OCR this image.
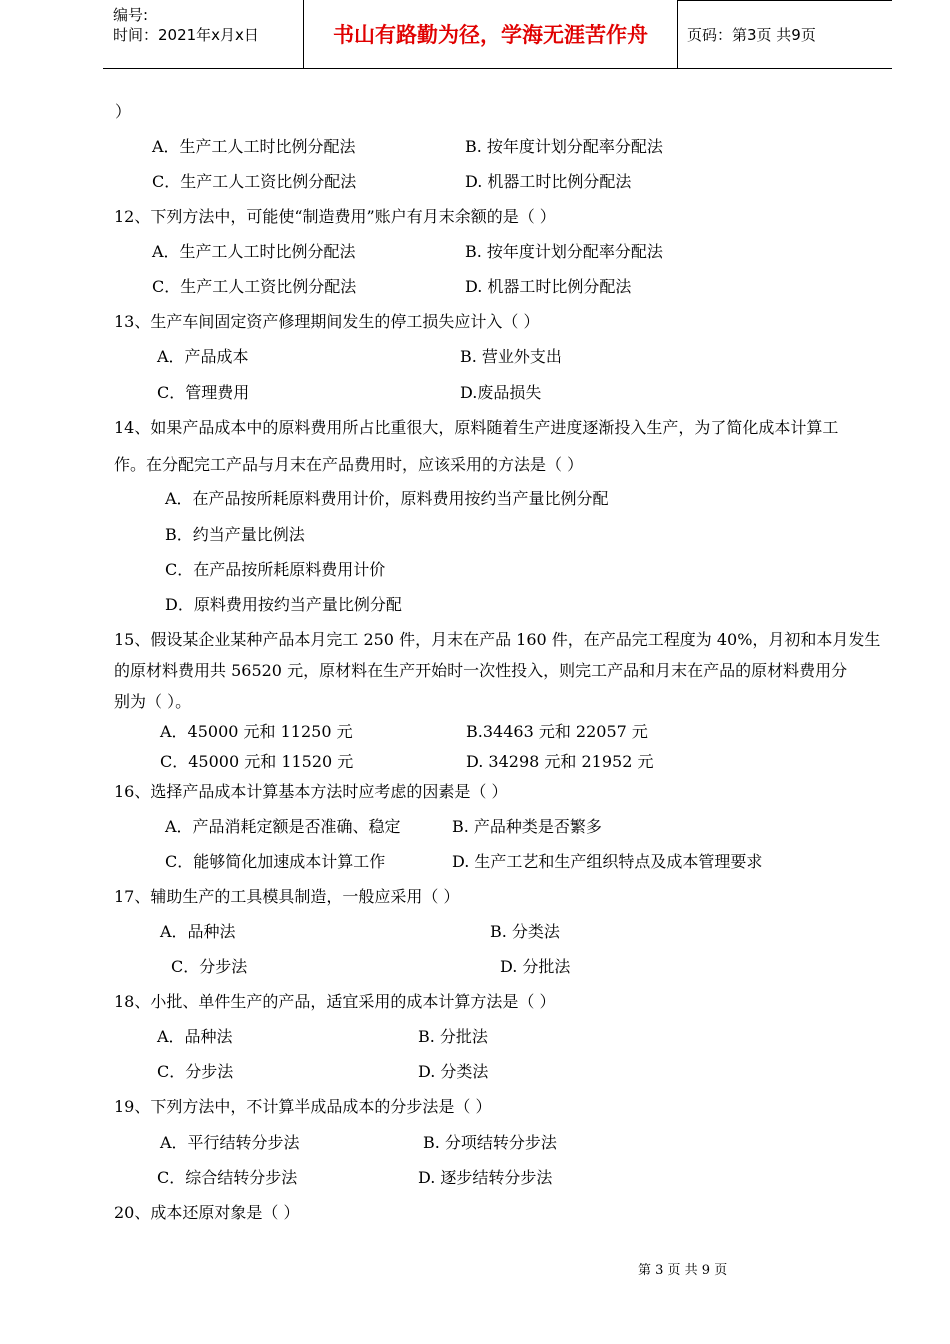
编号:
时间：2021年x月x日	书山有路勤为径，学海无涯苦作舟	页码：第3页 共9页
）
A．生产工人工时比例分配法	B. 按年度计划分配率分配法
C．生产工人工资比例分配法	D. 机器工时比例分配法
12、下列方法中，可能使“制造费用”账户有月末余额的是（ ）
A．生产工人工时比例分配法	B. 按年度计划分配率分配法
C．生产工人工资比例分配法	D. 机器工时比例分配法
13、生产车间固定资产修理期间发生的停工损失应计入（ ）
A．产品成本	B. 营业外支出
C．管理费用	D.废品损失
14、如果产品成本中的原料费用所占比重很大，原料随着生产进度逐渐投入生产，为了简化成本计算工
作。在分配完工产品与月末在产品费用时，应该采用的方法是（ ）
A．在产品按所耗原料费用计价，原料费用按约当产量比例分配
B．约当产量比例法
C．在产品按所耗原料费用计价
D．原料费用按约当产量比例分配
15、假设某企业某种产品本月完工 250 件，月末在产品 160 件，在产品完工程度为 40%，月初和本月发生
的原材料费用共 56520 元，原材料在生产开始时一次性投入，则完工产品和月末在产品的原材料费用分
别为（ ）。
A．45000 元和 11250 元	B.34463 元和 22057 元
C．45000 元和 11520 元	D. 34298 元和 21952 元
16、选择产品成本计算基本方法时应考虑的因素是（ ）
A．产品消耗定额是否准确、稳定	B. 产品种类是否繁多
C．能够简化加速成本计算工作	D. 生产工艺和生产组织特点及成本管理要求
17、辅助生产的工具模具制造，一般应采用（ ）
A．品种法	B. 分类法
C．分步法	D. 分批法
18、小批、单件生产的产品，适宜采用的成本计算方法是（ ）
A．品种法	B. 分批法
C．分步法	D. 分类法
19、下列方法中，不计算半成品成本的分步法是（ ）
A．平行结转分步法	B. 分项结转分步法
C．综合结转分步法	D. 逐步结转分步法
20、成本还原对象是（ ）
第 3 页 共 9 页
